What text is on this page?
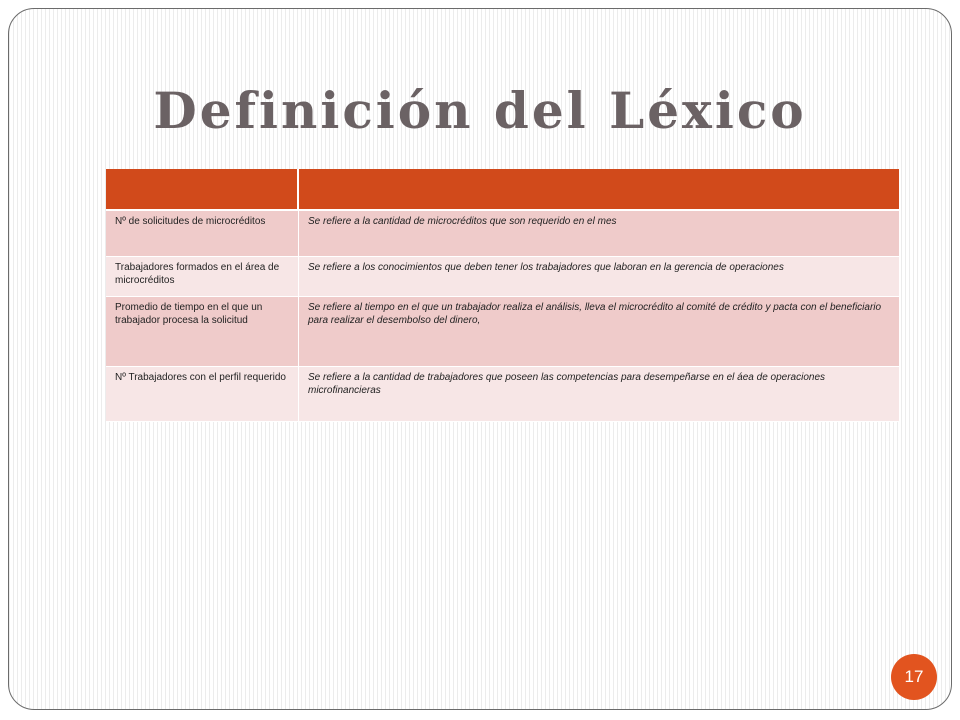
Definición del Léxico

Nº de solicitudes de microcréditos	Se refiere a la cantidad de microcréditos que son requerido en el mes
Trabajadores formados en el área de microcréditos	Se refiere a los conocimientos que deben tener los trabajadores que laboran en la gerencia de operaciones
Promedio de tiempo en el que un trabajador procesa la solicitud	Se refiere al tiempo en el que un trabajador realiza el análisis, lleva el microcrédito al comité de crédito y pacta con el beneficiario para realizar el desembolso del dinero,
Nº Trabajadores con el perfil requerido	Se refiere a la cantidad de trabajadores que poseen las competencias para desempeñarse en el áea de operaciones microfinancieras
17
